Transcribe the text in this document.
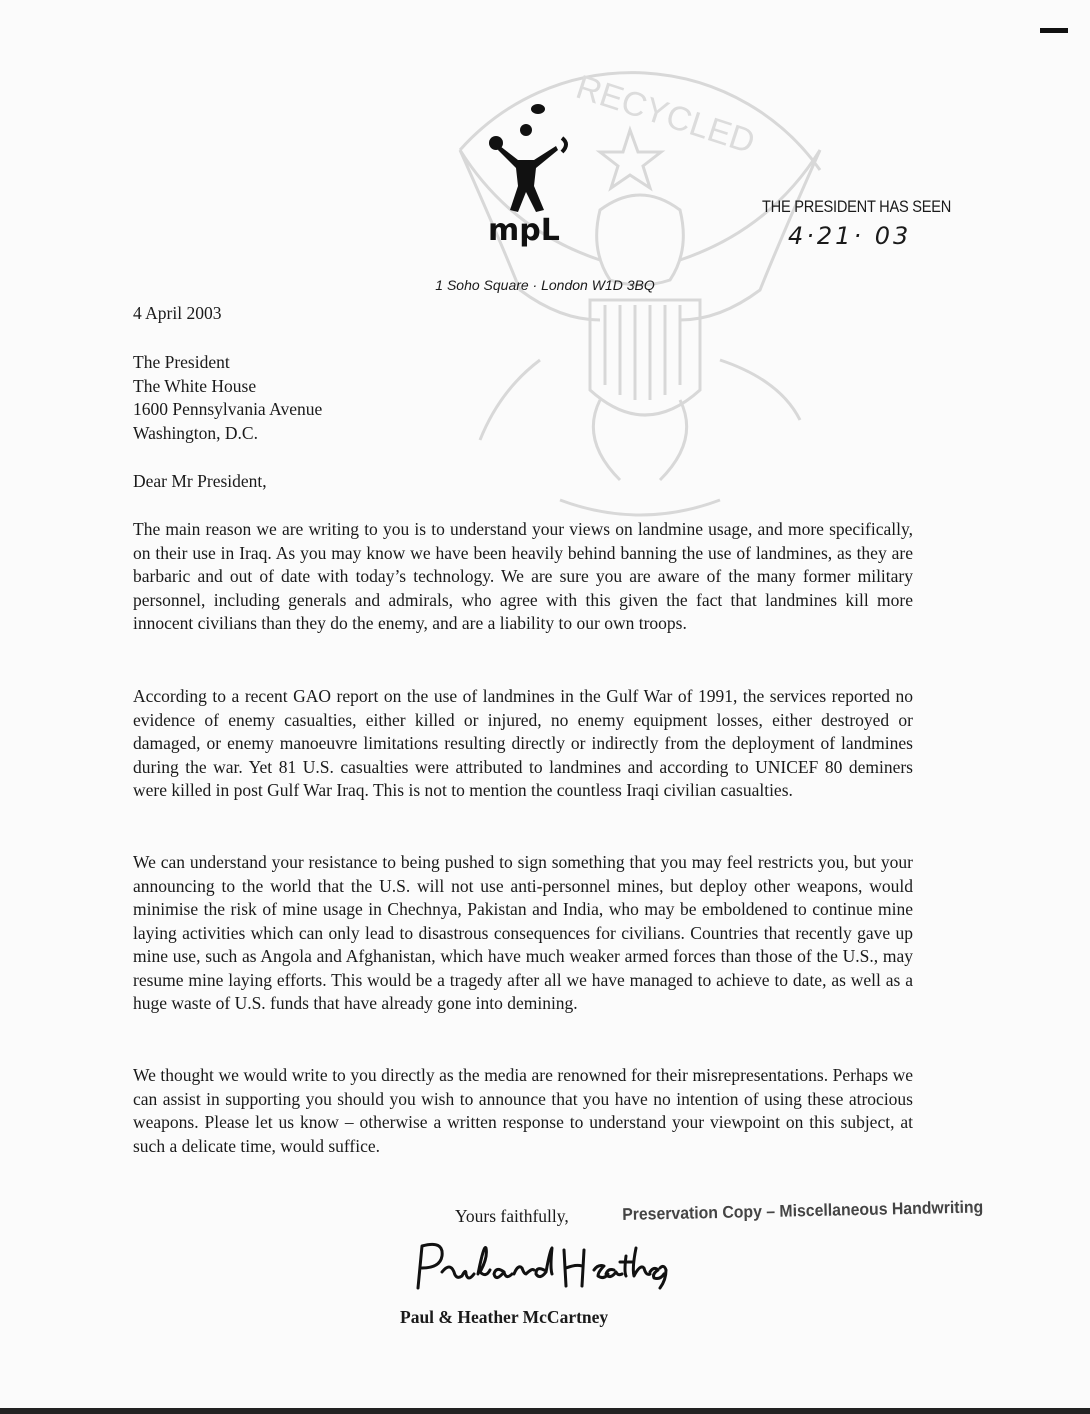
RECYCLED
mpL
1 Soho Square · London W1D 3BQ
THE PRESIDENT HAS SEEN
4·21· 03
4 April 2003
The President
The White House
1600 Pennsylvania Avenue
Washington, D.C.
Dear Mr President,
The main reason we are writing to you is to understand your views on landmine usage, and more specifically, on their use in Iraq. As you may know we have been heavily behind banning the use of landmines, as they are barbaric and out of date with today’s technology. We are sure you are aware of the many former military personnel, including generals and admirals, who agree with this given the fact that landmines kill more innocent civilians than they do the enemy, and are a liability to our own troops.
According to a recent GAO report on the use of landmines in the Gulf War of 1991, the services reported no evidence of enemy casualties, either killed or injured, no enemy equipment losses, either destroyed or damaged, or enemy manoeuvre limitations resulting directly or indirectly from the deployment of landmines during the war. Yet 81 U.S. casualties were attributed to landmines and according to UNICEF 80 deminers were killed in post Gulf War Iraq. This is not to mention the countless Iraqi civilian casualties.
We can understand your resistance to being pushed to sign something that you may feel restricts you, but your announcing to the world that the U.S. will not use anti-personnel mines, but deploy other weapons, would minimise the risk of mine usage in Chechnya, Pakistan and India, who may be emboldened to continue mine laying activities which can only lead to disastrous consequences for civilians. Countries that recently gave up mine use, such as Angola and Afghanistan, which have much weaker armed forces than those of the U.S., may resume mine laying efforts. This would be a tragedy after all we have managed to achieve to date, as well as a huge waste of U.S. funds that have already gone into demining.
We thought we would write to you directly as the media are renowned for their misrepresentations. Perhaps we can assist in supporting you should you wish to announce that you have no intention of using these atrocious weapons. Please let us know – otherwise a written response to understand your viewpoint on this subject, at such a delicate time, would suffice.
Yours faithfully,	Preservation Copy – Miscellaneous Handwriting
Paul and Heather
Paul & Heather McCartney
